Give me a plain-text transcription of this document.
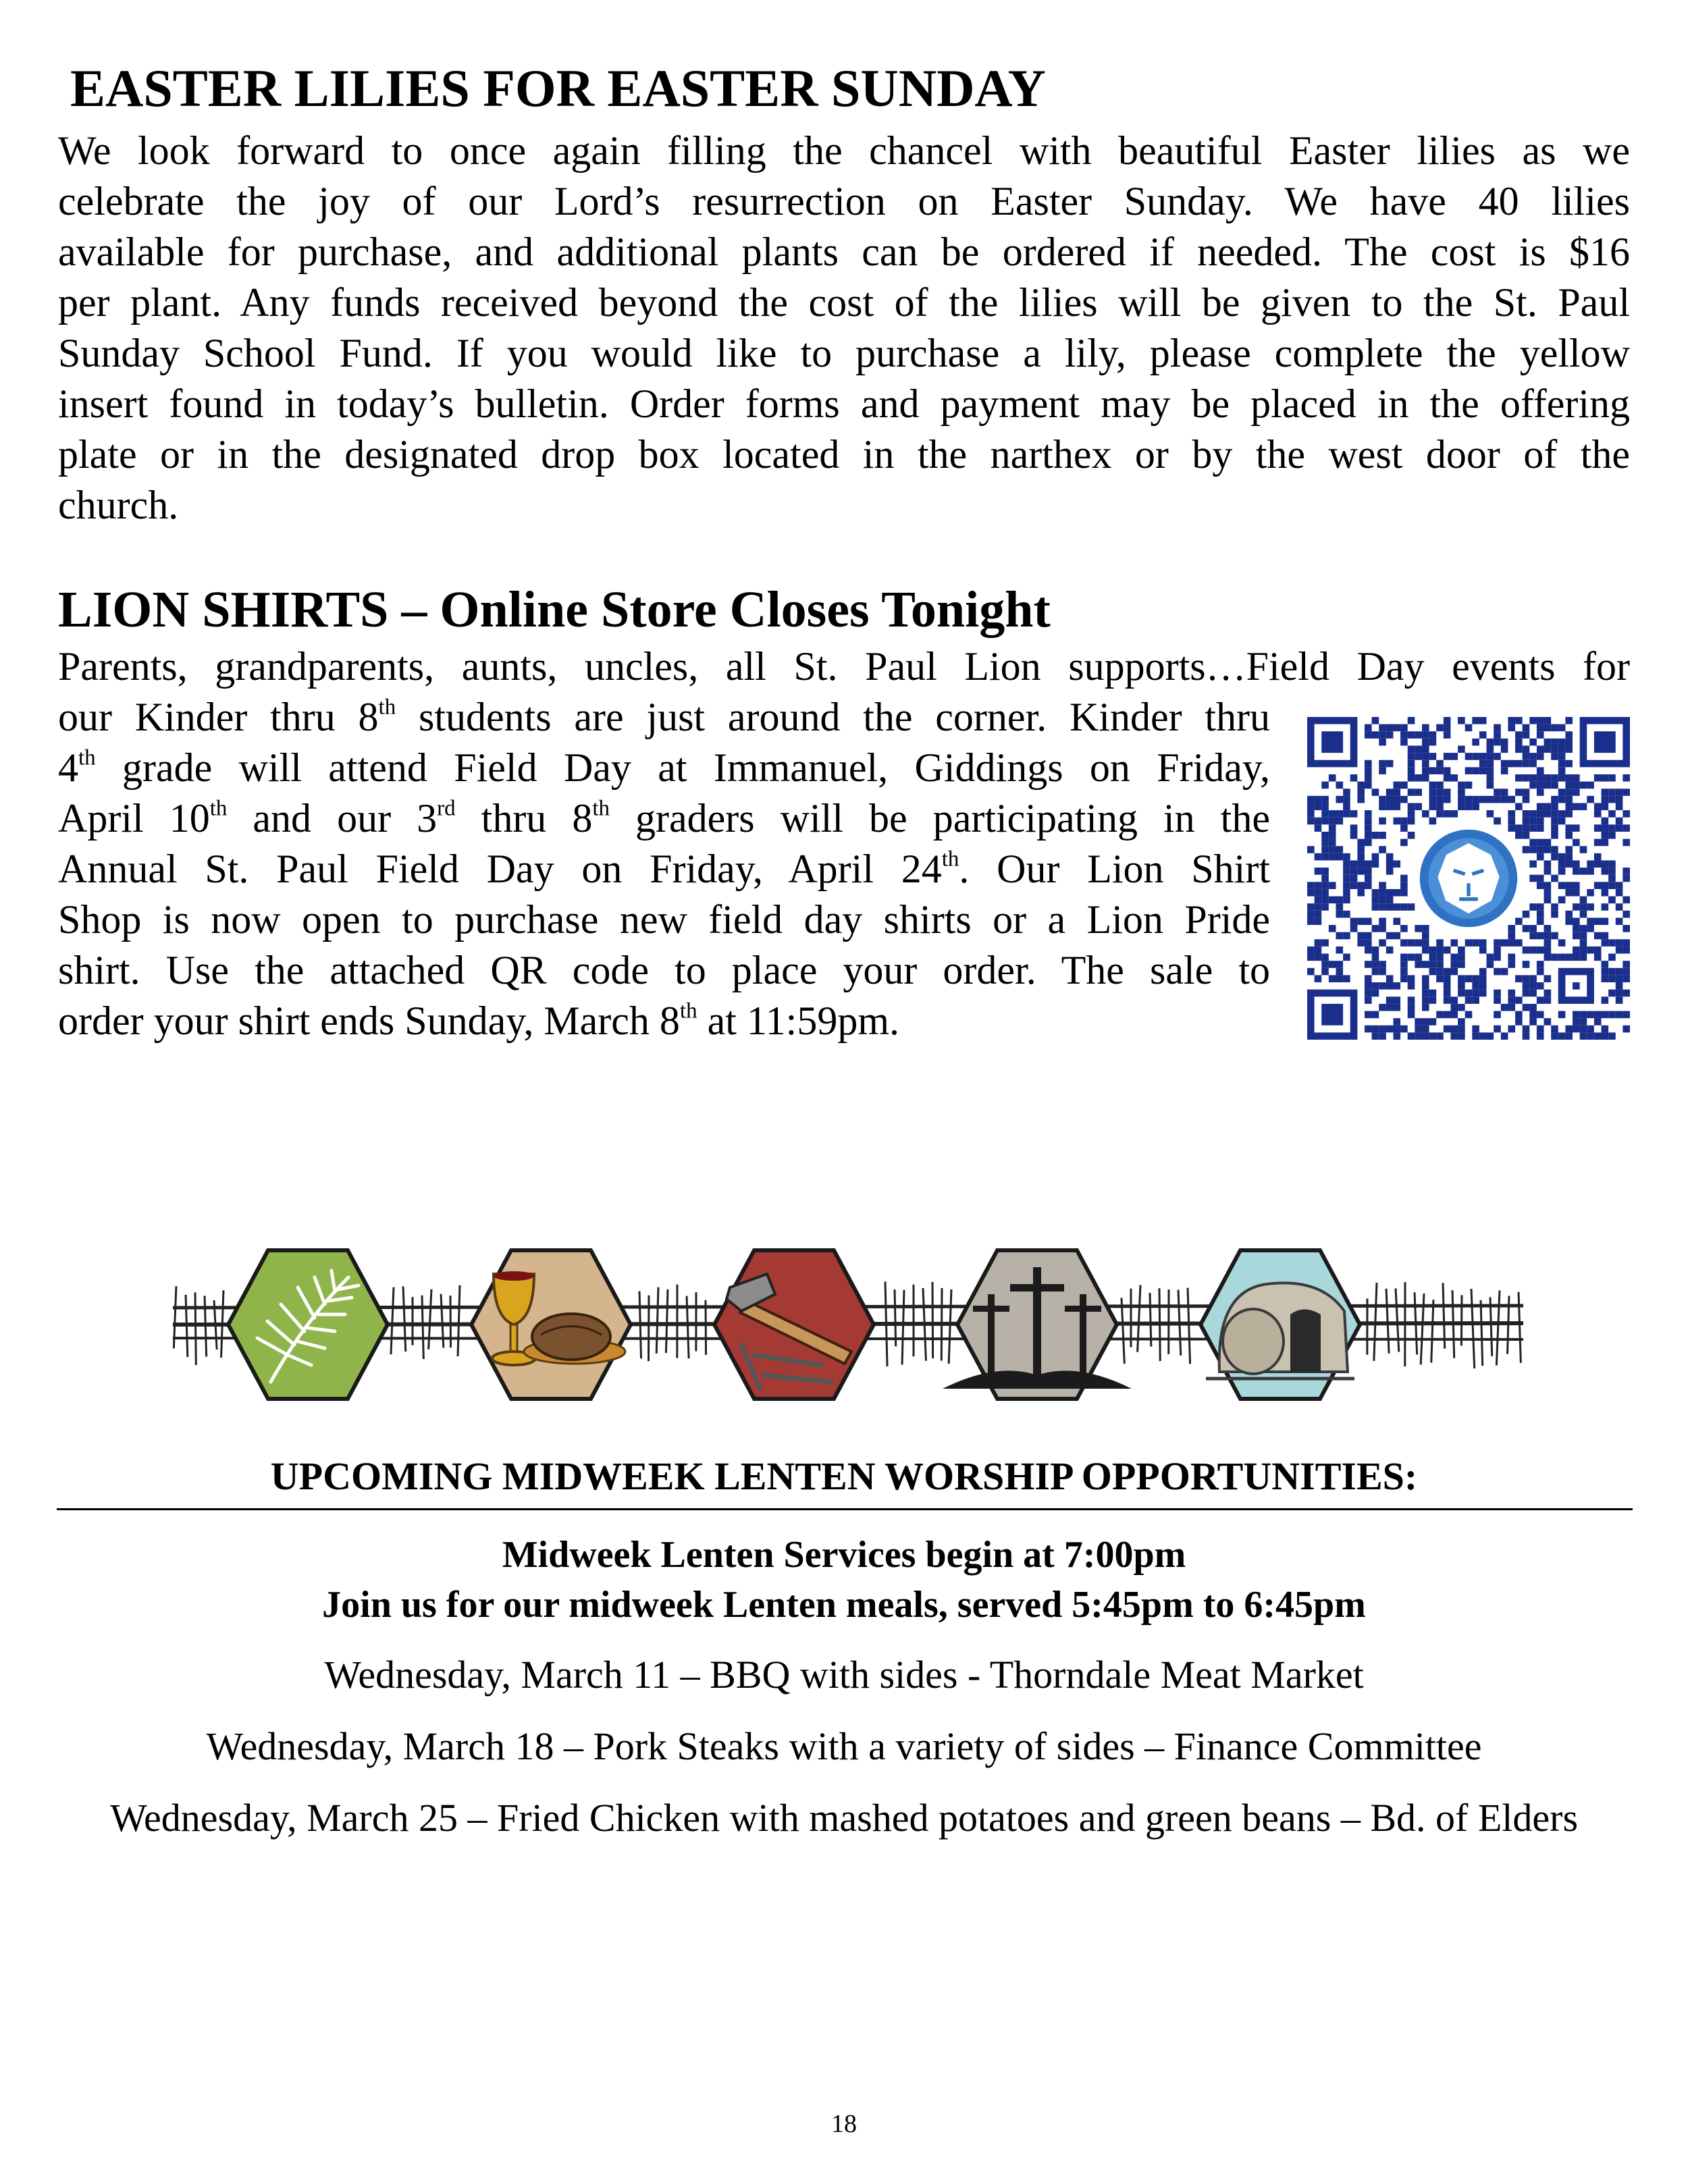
EASTER LILIES FOR EASTER SUNDAY
We look forward to once again filling the chancel with beautiful Easter lilies as we
celebrate the joy of our Lord’s resurrection on Easter Sunday. We have 40 lilies
available for purchase, and additional plants can be ordered if needed. The cost is $16
per plant. Any funds received beyond the cost of the lilies will be given to the St. Paul
Sunday School Fund. If you would like to purchase a lily, please complete the yellow
insert found in today’s bulletin. Order forms and payment may be placed in the offering
plate or in the designated drop box located in the narthex or by the west door of the
church.
LION SHIRTS – Online Store Closes Tonight
Parents, grandparents, aunts, uncles, all St. Paul Lion supports…Field Day events for
our Kinder thru 8th students are just around the corner. Kinder thru
4th grade will attend Field Day at Immanuel, Giddings on Friday,
April 10th and our 3rd thru 8th graders will be participating in the
Annual St. Paul Field Day on Friday, April 24th. Our Lion Shirt
Shop is now open to purchase new field day shirts or a Lion Pride
shirt. Use the attached QR code to place your order. The sale to
order your shirt ends Sunday, March 8th at 11:59pm.
UPCOMING MIDWEEK LENTEN WORSHIP OPPORTUNITIES:
Midweek Lenten Services begin at 7:00pm
Join us for our midweek Lenten meals, served 5:45pm to 6:45pm
Wednesday, March 11 – BBQ with sides - Thorndale Meat Market
Wednesday, March 18 – Pork Steaks with a variety of sides – Finance Committee
Wednesday, March 25 – Fried Chicken with mashed potatoes and green beans – Bd. of Elders
18
